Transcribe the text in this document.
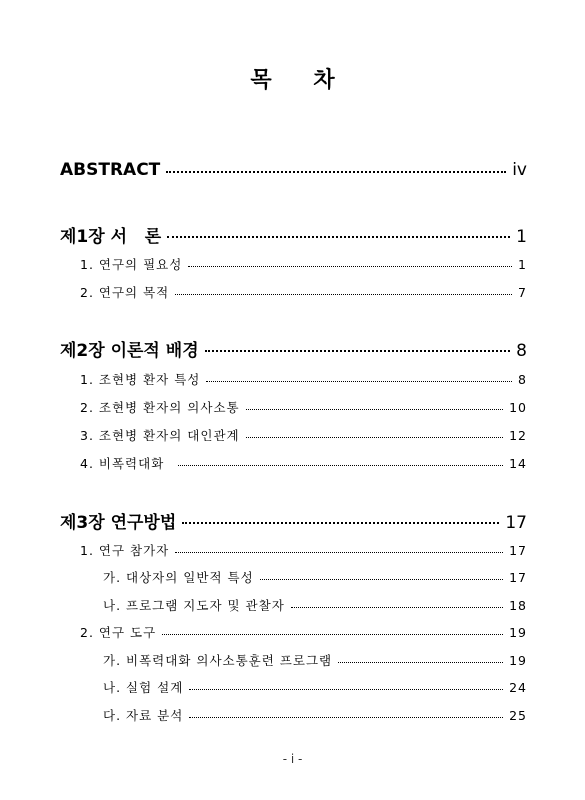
목 차
ABSTRACT	iv
제1장 서   론	1
1. 연구의 필요성	1
2. 연구의 목적	7
제2장 이론적 배경	8
1. 조현병 환자 특성	8
2. 조현병 환자의 의사소통	10
3. 조현병 환자의 대인관계	12
4. 비폭력대화	14
제3장 연구방법	17
1. 연구 참가자	17
가. 대상자의 일반적 특성	17
나. 프로그램 지도자 및 관찰자	18
2. 연구 도구	19
가. 비폭력대화 의사소통훈련 프로그램	19
나. 실험 설계	24
다. 자료 분석	25
- i -
